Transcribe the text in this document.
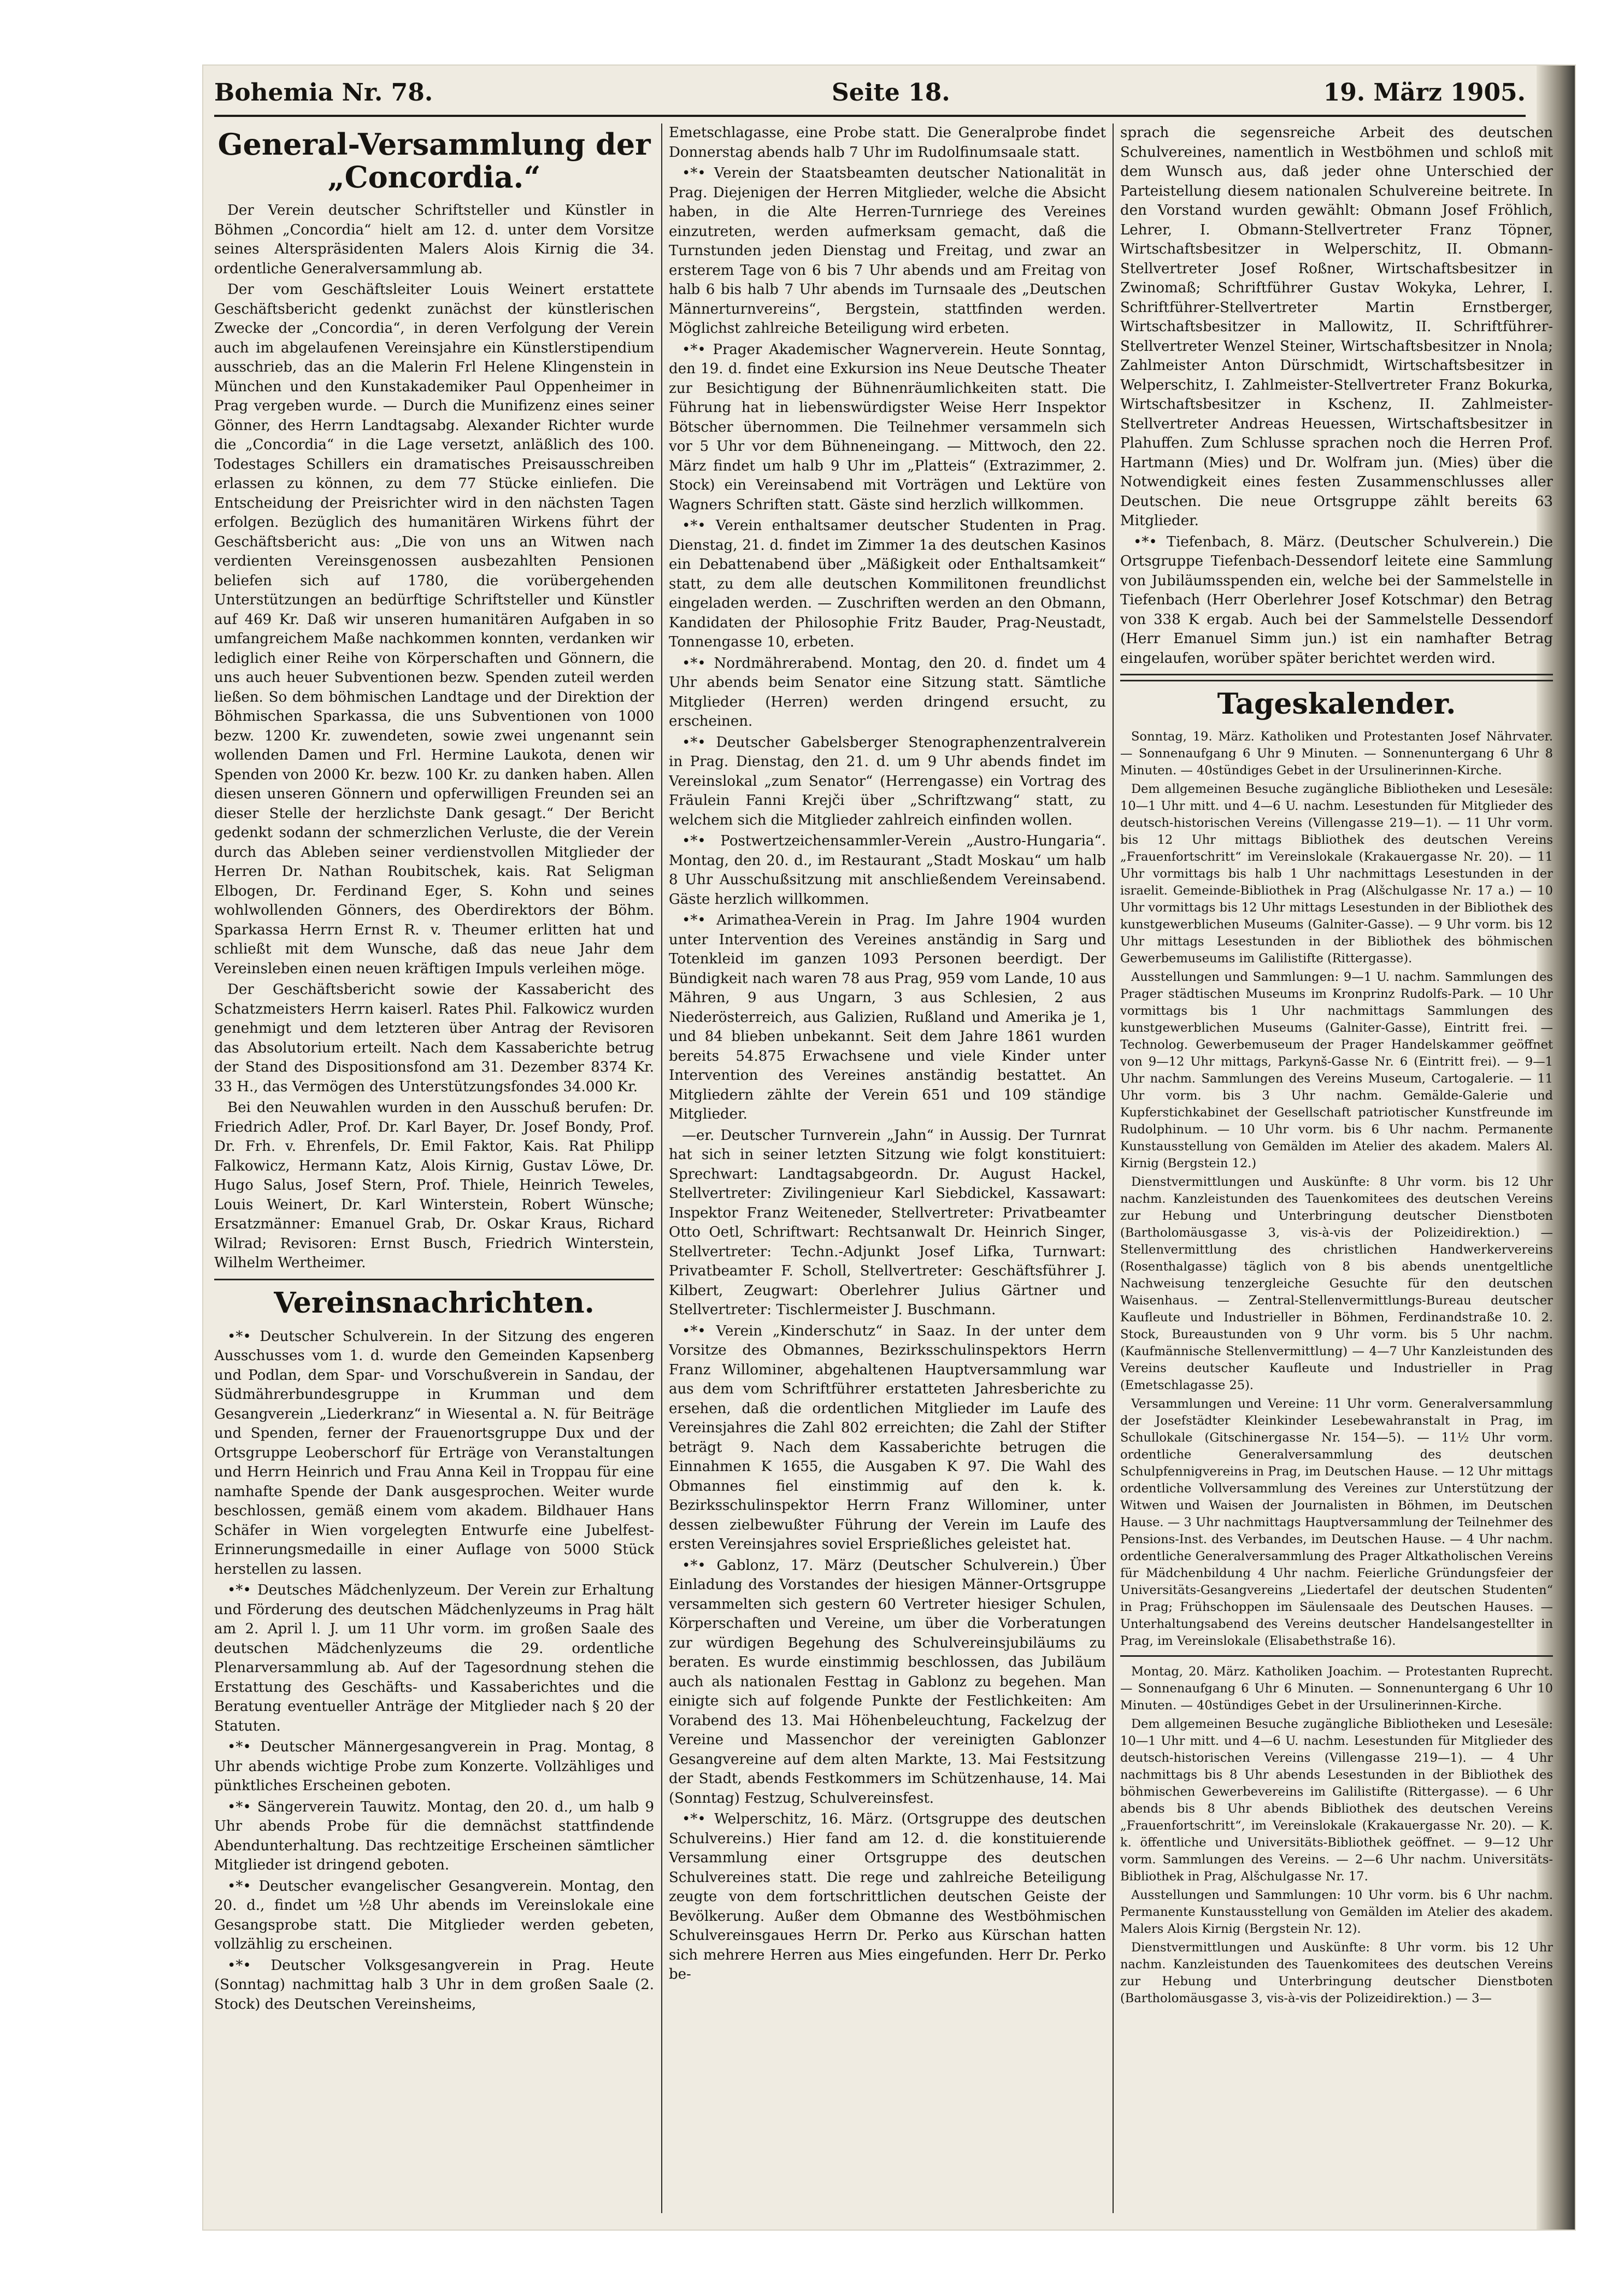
Bohemia Nr. 78.	Seite 18.	19. März 1905.
General-Versammlung der „Concordia.“

Der Verein deutscher Schriftsteller und Künstler in Böhmen „Concordia“ hielt am 12. d. unter dem Vorsitze seines Alterspräsidenten Malers Alois Kirnig die 34. ordentliche Generalversammlung ab.

Der vom Geschäftsleiter Louis Weinert erstattete Geschäftsbericht gedenkt zunächst der künstlerischen Zwecke der „Concordia“, in deren Verfolgung der Verein auch im abgelaufenen Vereinsjahre ein Künstlerstipendium ausschrieb, das an die Malerin Frl Helene Klingenstein in München und den Kunstakademiker Paul Oppenheimer in Prag vergeben wurde. — Durch die Munifizenz eines seiner Gönner, des Herrn Landtagsabg. Alexander Richter wurde die „Concordia“ in die Lage versetzt, anläßlich des 100. Todestages Schillers ein dramatisches Preisausschreiben erlassen zu können, zu dem 77 Stücke einliefen. Die Entscheidung der Preisrichter wird in den nächsten Tagen erfolgen. Bezüglich des humanitären Wirkens führt der Geschäftsbericht aus: „Die von uns an Witwen nach verdienten Vereinsgenossen ausbezahlten Pensionen beliefen sich auf 1780, die vorübergehenden Unterstützungen an bedürftige Schriftsteller und Künstler auf 469 Kr. Daß wir unseren humanitären Aufgaben in so umfangreichem Maße nachkommen konnten, verdanken wir lediglich einer Reihe von Körperschaften und Gönnern, die uns auch heuer Subventionen bezw. Spenden zuteil werden ließen. So dem böhmischen Landtage und der Direktion der Böhmischen Sparkassa, die uns Subventionen von 1000 bezw. 1200 Kr. zuwendeten, sowie zwei ungenannt sein wollenden Damen und Frl. Hermine Laukota, denen wir Spenden von 2000 Kr. bezw. 100 Kr. zu danken haben. Allen diesen unseren Gönnern und opferwilligen Freunden sei an dieser Stelle der herzlichste Dank gesagt.“ Der Bericht gedenkt sodann der schmerzlichen Verluste, die der Verein durch das Ableben seiner verdienstvollen Mitglieder der Herren Dr. Nathan Roubitschek, kais. Rat Seligman Elbogen, Dr. Ferdinand Eger, S. Kohn und seines wohlwollenden Gönners, des Oberdirektors der Böhm. Sparkassa Herrn Ernst R. v. Theumer erlitten hat und schließt mit dem Wunsche, daß das neue Jahr dem Vereinsleben einen neuen kräftigen Impuls verleihen möge.

Der Geschäftsbericht sowie der Kassabericht des Schatzmeisters Herrn kaiserl. Rates Phil. Falkowicz wurden genehmigt und dem letzteren über Antrag der Revisoren das Absolutorium erteilt. Nach dem Kassaberichte betrug der Stand des Dispositionsfond am 31. Dezember 8374 Kr. 33 H., das Vermögen des Unterstützungsfondes 34.000 Kr.

Bei den Neuwahlen wurden in den Ausschuß berufen: Dr. Friedrich Adler, Prof. Dr. Karl Bayer, Dr. Josef Bondy, Prof. Dr. Frh. v. Ehrenfels, Dr. Emil Faktor, Kais. Rat Philipp Falkowicz, Hermann Katz, Alois Kirnig, Gustav Löwe, Dr. Hugo Salus, Josef Stern, Prof. Thiele, Heinrich Teweles, Louis Weinert, Dr. Karl Winterstein, Robert Wünsche; Ersatzmänner: Emanuel Grab, Dr. Oskar Kraus, Richard Wilrad; Revisoren: Ernst Busch, Friedrich Winterstein, Wilhelm Wertheimer.

Vereinsnachrichten.

•*• Deutscher Schulverein. In der Sitzung des engeren Ausschusses vom 1. d. wurde den Gemeinden Kapsenberg und Podlan, dem Spar- und Vorschußverein in Sandau, der Südmährerbundesgruppe in Krumman und dem Gesangverein „Liederkranz“ in Wiesental a. N. für Beiträge und Spenden, ferner der Frauenortsgruppe Dux und der Ortsgruppe Leoberschorf für Erträge von Veranstaltungen und Herrn Heinrich und Frau Anna Keil in Troppau für eine namhafte Spende der Dank ausgesprochen. Weiter wurde beschlossen, gemäß einem vom akadem. Bildhauer Hans Schäfer in Wien vorgelegten Entwurfe eine Jubelfest-Erinnerungsmedaille in einer Auflage von 5000 Stück herstellen zu lassen.

•*• Deutsches Mädchenlyzeum. Der Verein zur Erhaltung und Förderung des deutschen Mädchenlyzeums in Prag hält am 2. April l. J. um 11 Uhr vorm. im großen Saale des deutschen Mädchenlyzeums die 29. ordentliche Plenarversammlung ab. Auf der Tagesordnung stehen die Erstattung des Geschäfts- und Kassaberichtes und die Beratung eventueller Anträge der Mitglieder nach § 20 der Statuten.

•*• Deutscher Männergesangverein in Prag. Montag, 8 Uhr abends wichtige Probe zum Konzerte. Vollzähliges und pünktliches Erscheinen geboten.

•*• Sängerverein Tauwitz. Montag, den 20. d., um halb 9 Uhr abends Probe für die demnächst stattfindende Abendunterhaltung. Das rechtzeitige Erscheinen sämtlicher Mitglieder ist dringend geboten.

•*• Deutscher evangelischer Gesangverein. Montag, den 20. d., findet um ½8 Uhr abends im Vereinslokale eine Gesangsprobe statt. Die Mitglieder werden gebeten, vollzählig zu erscheinen.

•*• Deutscher Volksgesangverein in Prag. Heute (Sonntag) nachmittag halb 3 Uhr in dem großen Saale (2. Stock) des Deutschen Vereinsheims,

Emetschlagasse, eine Probe statt. Die Generalprobe findet Donnerstag abends halb 7 Uhr im Rudolfinumsaale statt.

•*• Verein der Staatsbeamten deutscher Nationalität in Prag. Diejenigen der Herren Mitglieder, welche die Absicht haben, in die Alte Herren-Turnriege des Vereines einzutreten, werden aufmerksam gemacht, daß die Turnstunden jeden Dienstag und Freitag, und zwar an ersterem Tage von 6 bis 7 Uhr abends und am Freitag von halb 6 bis halb 7 Uhr abends im Turnsaale des „Deutschen Männerturnvereins“, Bergstein, stattfinden werden. Möglichst zahlreiche Beteiligung wird erbeten.

•*• Prager Akademischer Wagnerverein. Heute Sonntag, den 19. d. findet eine Exkursion ins Neue Deutsche Theater zur Besichtigung der Bühnenräumlichkeiten statt. Die Führung hat in liebenswürdigster Weise Herr Inspektor Bötscher übernommen. Die Teilnehmer versammeln sich vor 5 Uhr vor dem Bühneneingang. — Mittwoch, den 22. März findet um halb 9 Uhr im „Platteis“ (Extrazimmer, 2. Stock) ein Vereinsabend mit Vorträgen und Lektüre von Wagners Schriften statt. Gäste sind herzlich willkommen.

•*• Verein enthaltsamer deutscher Studenten in Prag. Dienstag, 21. d. findet im Zimmer 1a des deutschen Kasinos ein Debattenabend über „Mäßigkeit oder Enthaltsamkeit“ statt, zu dem alle deutschen Kommilitonen freundlichst eingeladen werden. — Zuschriften werden an den Obmann, Kandidaten der Philosophie Fritz Bauder, Prag-Neustadt, Tonnengasse 10, erbeten.

•*• Nordmährerabend. Montag, den 20. d. findet um 4 Uhr abends beim Senator eine Sitzung statt. Sämtliche Mitglieder (Herren) werden dringend ersucht, zu erscheinen.

•*• Deutscher Gabelsberger Stenographenzentralverein in Prag. Dienstag, den 21. d. um 9 Uhr abends findet im Vereinslokal „zum Senator“ (Herrengasse) ein Vortrag des Fräulein Fanni Krejči über „Schriftzwang“ statt, zu welchem sich die Mitglieder zahlreich einfinden wollen.

•*• Postwertzeichensammler-Verein „Austro-Hungaria“. Montag, den 20. d., im Restaurant „Stadt Moskau“ um halb 8 Uhr Ausschußsitzung mit anschließendem Vereinsabend. Gäste herzlich willkommen.

•*• Arimathea-Verein in Prag. Im Jahre 1904 wurden unter Intervention des Vereines anständig in Sarg und Totenkleid im ganzen 1093 Personen beerdigt. Der Bündigkeit nach waren 78 aus Prag, 959 vom Lande, 10 aus Mähren, 9 aus Ungarn, 3 aus Schlesien, 2 aus Niederösterreich, aus Galizien, Rußland und Amerika je 1, und 84 blieben unbekannt. Seit dem Jahre 1861 wurden bereits 54.875 Erwachsene und viele Kinder unter Intervention des Vereines anständig bestattet. An Mitgliedern zählte der Verein 651 und 109 ständige Mitglieder.

—er. Deutscher Turnverein „Jahn“ in Aussig. Der Turnrat hat sich in seiner letzten Sitzung wie folgt konstituiert: Sprechwart: Landtagsabgeordn. Dr. August Hackel, Stellvertreter: Zivilingenieur Karl Siebdickel, Kassawart: Inspektor Franz Weiteneder, Stellvertreter: Privatbeamter Otto Oetl, Schriftwart: Rechtsanwalt Dr. Heinrich Singer, Stellvertreter: Techn.-Adjunkt Josef Lifka, Turnwart: Privatbeamter F. Scholl, Stellvertreter: Geschäftsführer J. Kilbert, Zeugwart: Oberlehrer Julius Gärtner und Stellvertreter: Tischlermeister J. Buschmann.

•*• Verein „Kinderschutz“ in Saaz. In der unter dem Vorsitze des Obmannes, Bezirksschulinspektors Herrn Franz Willominer, abgehaltenen Hauptversammlung war aus dem vom Schriftführer erstatteten Jahresberichte zu ersehen, daß die ordentlichen Mitglieder im Laufe des Vereinsjahres die Zahl 802 erreichten; die Zahl der Stifter beträgt 9. Nach dem Kassaberichte betrugen die Einnahmen K 1655, die Ausgaben K 97. Die Wahl des Obmannes fiel einstimmig auf den k. k. Bezirksschulinspektor Herrn Franz Willominer, unter dessen zielbewußter Führung der Verein im Laufe des ersten Vereinsjahres soviel Ersprießliches geleistet hat.

•*• Gablonz, 17. März (Deutscher Schulverein.) Über Einladung des Vorstandes der hiesigen Männer-Ortsgruppe versammelten sich gestern 60 Vertreter hiesiger Schulen, Körperschaften und Vereine, um über die Vorberatungen zur würdigen Begehung des Schulvereinsjubiläums zu beraten. Es wurde einstimmig beschlossen, das Jubiläum auch als nationalen Festtag in Gablonz zu begehen. Man einigte sich auf folgende Punkte der Festlichkeiten: Am Vorabend des 13. Mai Höhenbeleuchtung, Fackelzug der Vereine und Massenchor der vereinigten Gablonzer Gesangvereine auf dem alten Markte, 13. Mai Festsitzung der Stadt, abends Festkommers im Schützenhause, 14. Mai (Sonntag) Festzug, Schulvereinsfest.

•*• Welperschitz, 16. März. (Ortsgruppe des deutschen Schulvereins.) Hier fand am 12. d. die konstituierende Versammlung einer Ortsgruppe des deutschen Schulvereines statt. Die rege und zahlreiche Beteiligung zeugte von dem fortschrittlichen deutschen Geiste der Bevölkerung. Außer dem Obmanne des Westböhmischen Schulvereinsgaues Herrn Dr. Perko aus Kürschan hatten sich mehrere Herren aus Mies eingefunden. Herr Dr. Perko be-

sprach die segensreiche Arbeit des deutschen Schulvereines, namentlich in Westböhmen und schloß mit dem Wunsch aus, daß jeder ohne Unterschied der Parteistellung diesem nationalen Schulvereine beitrete. In den Vorstand wurden gewählt: Obmann Josef Fröhlich, Lehrer, I. Obmann-Stellvertreter Franz Töpner, Wirtschaftsbesitzer in Welperschitz, II. Obmann-Stellvertreter Josef Roßner, Wirtschaftsbesitzer in Zwinomaß; Schriftführer Gustav Wokyka, Lehrer, I. Schriftführer-Stellvertreter Martin Ernstberger, Wirtschaftsbesitzer in Mallowitz, II. Schriftführer-Stellvertreter Wenzel Steiner, Wirtschaftsbesitzer in Nnola; Zahlmeister Anton Dürschmidt, Wirtschaftsbesitzer in Welperschitz, I. Zahlmeister-Stellvertreter Franz Bokurka, Wirtschaftsbesitzer in Kschenz, II. Zahlmeister-Stellvertreter Andreas Heuessen, Wirtschaftsbesitzer in Plahuffen. Zum Schlusse sprachen noch die Herren Prof. Hartmann (Mies) und Dr. Wolfram jun. (Mies) über die Notwendigkeit eines festen Zusammenschlusses aller Deutschen. Die neue Ortsgruppe zählt bereits 63 Mitglieder.

•*• Tiefenbach, 8. März. (Deutscher Schulverein.) Die Ortsgruppe Tiefenbach-Dessendorf leitete eine Sammlung von Jubiläumsspenden ein, welche bei der Sammelstelle in Tiefenbach (Herr Oberlehrer Josef Kotschmar) den Betrag von 338 K ergab. Auch bei der Sammelstelle Dessendorf (Herr Emanuel Simm jun.) ist ein namhafter Betrag eingelaufen, worüber später berichtet werden wird.

Tageskalender.

Sonntag, 19. März. Katholiken und Protestanten Josef Nährvater. — Sonnenaufgang 6 Uhr 9 Minuten. — Sonnenuntergang 6 Uhr 8 Minuten. — 40stündiges Gebet in der Ursulinerinnen-Kirche.

Dem allgemeinen Besuche zugängliche Bibliotheken und Lesesäle: 10—1 Uhr mitt. und 4—6 U. nachm. Lesestunden für Mitglieder des deutsch-historischen Vereins (Villengasse 219—1). — 11 Uhr vorm. bis 12 Uhr mittags Bibliothek des deutschen Vereins „Frauenfortschritt“ im Vereinslokale (Krakauergasse Nr. 20). — 11 Uhr vormittags bis halb 1 Uhr nachmittags Lesestunden in der israelit. Gemeinde-Bibliothek in Prag (Alšchulgasse Nr. 17 a.) — 10 Uhr vormittags bis 12 Uhr mittags Lesestunden in der Bibliothek des kunstgewerblichen Museums (Galniter-Gasse). — 9 Uhr vorm. bis 12 Uhr mittags Lesestunden in der Bibliothek des böhmischen Gewerbemuseums im Galilistifte (Rittergasse).

Ausstellungen und Sammlungen: 9—1 U. nachm. Sammlungen des Prager städtischen Museums im Kronprinz Rudolfs-Park. — 10 Uhr vormittags bis 1 Uhr nachmittags Sammlungen des kunstgewerblichen Museums (Galniter-Gasse), Eintritt frei. — Technolog. Gewerbemuseum der Prager Handelskammer geöffnet von 9—12 Uhr mittags, Parkynš-Gasse Nr. 6 (Eintritt frei). — 9—1 Uhr nachm. Sammlungen des Vereins Museum, Cartogalerie. — 11 Uhr vorm. bis 3 Uhr nachm. Gemälde-Galerie und Kupferstichkabinet der Gesellschaft patriotischer Kunstfreunde im Rudolphinum. — 10 Uhr vorm. bis 6 Uhr nachm. Permanente Kunstausstellung von Gemälden im Atelier des akadem. Malers Al. Kirnig (Bergstein 12.)

Dienstvermittlungen und Auskünfte: 8 Uhr vorm. bis 12 Uhr nachm. Kanzleistunden des Tauenkomitees des deutschen Vereins zur Hebung und Unterbringung deutscher Dienstboten (Bartholomäusgasse 3, vis-à-vis der Polizeidirektion.) — Stellenvermittlung des christlichen Handwerkervereins (Rosenthalgasse) täglich von 8 bis abends unentgeltliche Nachweisung tenzergleiche Gesuchte für den deutschen Waisenhaus. — Zentral-Stellenvermittlungs-Bureau deutscher Kaufleute und Industrieller in Böhmen, Ferdinandstraße 10. 2. Stock, Bureaustunden von 9 Uhr vorm. bis 5 Uhr nachm. (Kaufmännische Stellenvermittlung) — 4—7 Uhr Kanzleistunden des Vereins deutscher Kaufleute und Industrieller in Prag (Emetschlagasse 25).

Versammlungen und Vereine: 11 Uhr vorm. Generalversammlung der Josefstädter Kleinkinder Lesebewahranstalt in Prag, im Schullokale (Gitschinergasse Nr. 154—5). — 11½ Uhr vorm. ordentliche Generalversammlung des deutschen Schulpfennigvereins in Prag, im Deutschen Hause. — 12 Uhr mittags ordentliche Vollversammlung des Vereines zur Unterstützung der Witwen und Waisen der Journalisten in Böhmen, im Deutschen Hause. — 3 Uhr nachmittags Hauptversammlung der Teilnehmer des Pensions-Inst. des Verbandes, im Deutschen Hause. — 4 Uhr nachm. ordentliche Generalversammlung des Prager Altkatholischen Vereins für Mädchenbildung 4 Uhr nachm. Feierliche Gründungsfeier der Universitäts-Gesangvereins „Liedertafel der deutschen Studenten“ in Prag; Frühschoppen im Säulensaale des Deutschen Hauses. — Unterhaltungsabend des Vereins deutscher Handelsangestellter in Prag, im Vereinslokale (Elisabethstraße 16).

Montag, 20. März. Katholiken Joachim. — Protestanten Ruprecht. — Sonnenaufgang 6 Uhr 6 Minuten. — Sonnenuntergang 6 Uhr 10 Minuten. — 40stündiges Gebet in der Ursulinerinnen-Kirche.

Dem allgemeinen Besuche zugängliche Bibliotheken und Lesesäle: 10—1 Uhr mitt. und 4—6 U. nachm. Lesestunden für Mitglieder des deutsch-historischen Vereins (Villengasse 219—1). — 4 Uhr nachmittags bis 8 Uhr abends Lesestunden in der Bibliothek des böhmischen Gewerbevereins im Galilistifte (Rittergasse). — 6 Uhr abends bis 8 Uhr abends Bibliothek des deutschen Vereins „Frauenfortschritt“, im Vereinslokale (Krakauergasse Nr. 20). — K. k. öffentliche und Universitäts-Bibliothek geöffnet. — 9—12 Uhr vorm. Sammlungen des Vereins. — 2—6 Uhr nachm. Universitäts-Bibliothek in Prag, Alšchulgasse Nr. 17.

Ausstellungen und Sammlungen: 10 Uhr vorm. bis 6 Uhr nachm. Permanente Kunstausstellung von Gemälden im Atelier des akadem. Malers Alois Kirnig (Bergstein Nr. 12).

Dienstvermittlungen und Auskünfte: 8 Uhr vorm. bis 12 Uhr nachm. Kanzleistunden des Tauenkomitees des deutschen Vereins zur Hebung und Unterbringung deutscher Dienstboten (Bartholomäusgasse 3, vis-à-vis der Polizeidirektion.) — 3—
